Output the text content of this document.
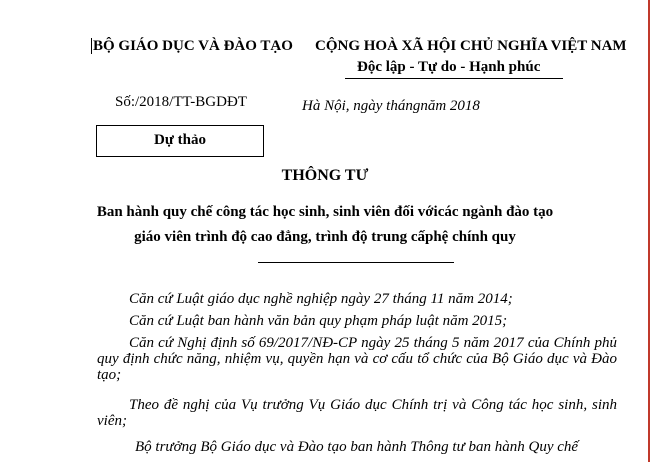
BỘ GIÁO DỤC VÀ ĐÀO TẠO CỘNG HOÀ XÃ HỘI CHỦ NGHĨA VIỆT NAM
Độc lập - Tự do - Hạnh phúc
Số:/2018/TT-BGDĐT	Hà Nội, ngày thángnăm 2018
Dự thảo
THÔNG TƯ
Ban hành quy chế công tác học sinh, sinh viên đối vớicác ngành đào tạo
giáo viên trình độ cao đẳng, trình độ trung cấphệ chính quy
Căn cứ Luật giáo dục nghề nghiệp ngày 27 tháng 11 năm 2014;
Căn cứ Luật ban hành văn bản quy phạm pháp luật năm 2015;
Căn cứ Nghị định số 69/2017/NĐ-CP ngày 25 tháng 5 năm 2017 của Chính phủ quy định chức năng, nhiệm vụ, quyền hạn và cơ cấu tổ chức của Bộ Giáo dục và Đào tạo;
Theo đề nghị của Vụ trưởng Vụ Giáo dục Chính trị và Công tác học sinh, sinh viên;
Bộ trưởng Bộ Giáo dục và Đào tạo ban hành Thông tư ban hành Quy chế
